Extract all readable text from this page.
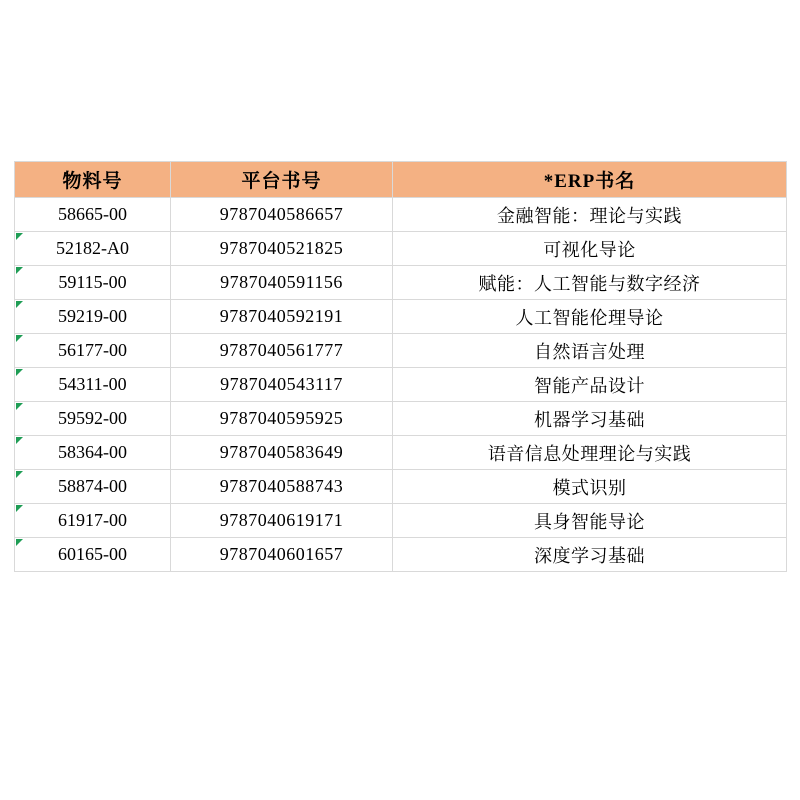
物料号	平台书号	*ERP书名
58665-00	9787040586657	金融智能：理论与实践
52182-A0	9787040521825	可视化导论
59115-00	9787040591156	赋能：人工智能与数字经济
59219-00	9787040592191	人工智能伦理导论
56177-00	9787040561777	自然语言处理
54311-00	9787040543117	智能产品设计
59592-00	9787040595925	机器学习基础
58364-00	9787040583649	语音信息处理理论与实践
58874-00	9787040588743	模式识别
61917-00	9787040619171	具身智能导论
60165-00	9787040601657	深度学习基础
